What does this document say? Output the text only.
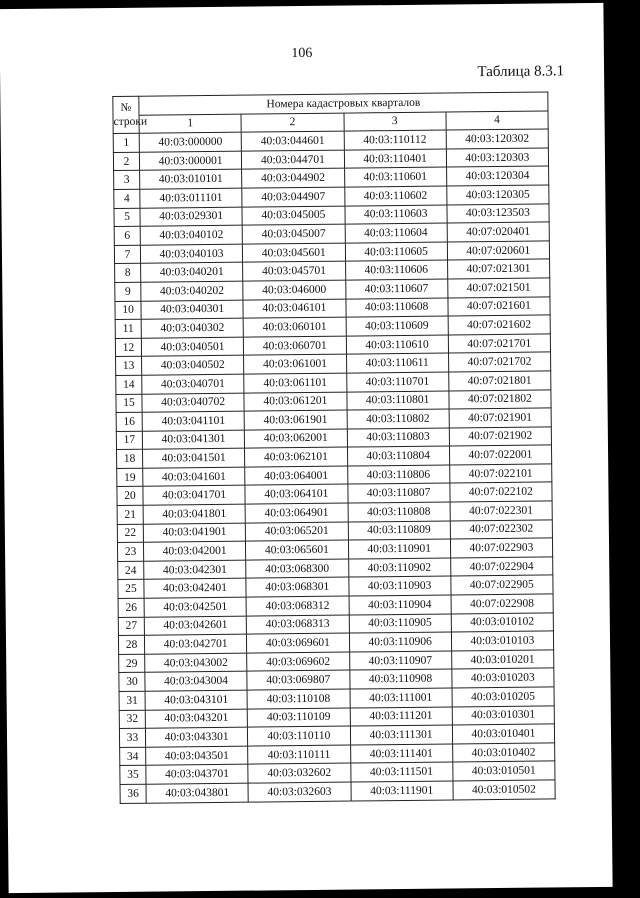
106
Таблица 8.3.1
№
строки	Номера кадастровых кварталов			
	1	2	3	4
1	40:03:000000	40:03:044601	40:03:110112	40:03:120302
2	40:03:000001	40:03:044701	40:03:110401	40:03:120303
3	40:03:010101	40:03:044902	40:03:110601	40:03:120304
4	40:03:011101	40:03:044907	40:03:110602	40:03:120305
5	40:03:029301	40:03:045005	40:03:110603	40:03:123503
6	40:03:040102	40:03:045007	40:03:110604	40:07:020401
7	40:03:040103	40:03:045601	40:03:110605	40:07:020601
8	40:03:040201	40:03:045701	40:03:110606	40:07:021301
9	40:03:040202	40:03:046000	40:03:110607	40:07:021501
10	40:03:040301	40:03:046101	40:03:110608	40:07:021601
11	40:03:040302	40:03:060101	40:03:110609	40:07:021602
12	40:03:040501	40:03:060701	40:03:110610	40:07:021701
13	40:03:040502	40:03:061001	40:03:110611	40:07:021702
14	40:03:040701	40:03:061101	40:03:110701	40:07:021801
15	40:03:040702	40:03:061201	40:03:110801	40:07:021802
16	40:03:041101	40:03:061901	40:03:110802	40:07:021901
17	40:03:041301	40:03:062001	40:03:110803	40:07:021902
18	40:03:041501	40:03:062101	40:03:110804	40:07:022001
19	40:03:041601	40:03:064001	40:03:110806	40:07:022101
20	40:03:041701	40:03:064101	40:03:110807	40:07:022102
21	40:03:041801	40:03:064901	40:03:110808	40:07:022301
22	40:03:041901	40:03:065201	40:03:110809	40:07:022302
23	40:03:042001	40:03:065601	40:03:110901	40:07:022903
24	40:03:042301	40:03:068300	40:03:110902	40:07:022904
25	40:03:042401	40:03:068301	40:03:110903	40:07:022905
26	40:03:042501	40:03:068312	40:03:110904	40:07:022908
27	40:03:042601	40:03:068313	40:03:110905	40:03:010102
28	40:03:042701	40:03:069601	40:03:110906	40:03:010103
29	40:03:043002	40:03:069602	40:03:110907	40:03:010201
30	40:03:043004	40:03:069807	40:03:110908	40:03:010203
31	40:03:043101	40:03:110108	40:03:111001	40:03:010205
32	40:03:043201	40:03:110109	40:03:111201	40:03:010301
33	40:03:043301	40:03:110110	40:03:111301	40:03:010401
34	40:03:043501	40:03:110111	40:03:111401	40:03:010402
35	40:03:043701	40:03:032602	40:03:111501	40:03:010501
36	40:03:043801	40:03:032603	40:03:111901	40:03:010502
